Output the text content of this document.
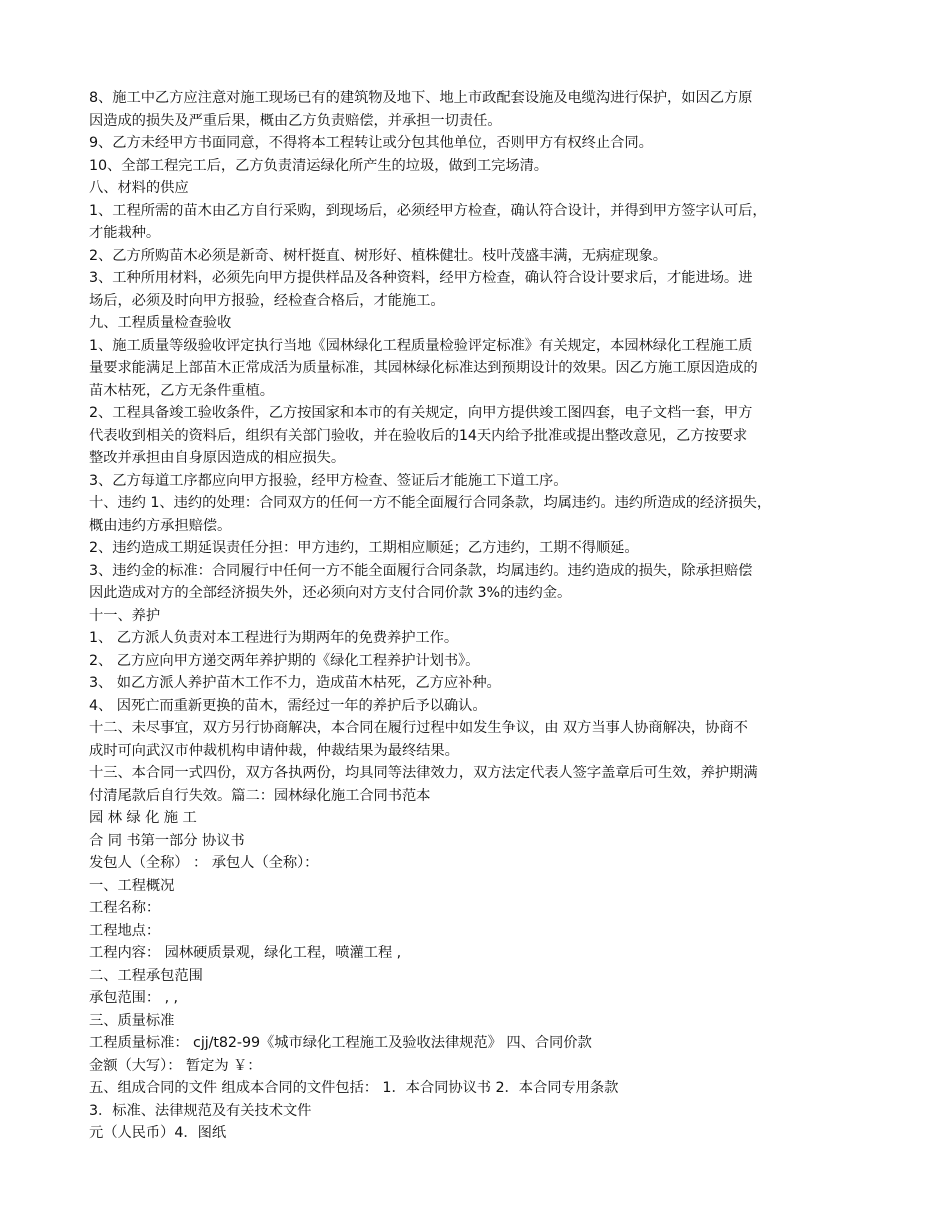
8、施工中乙方应注意对施工现场已有的建筑物及地下、地上市政配套设施及电缆沟进行保护，如因乙方原
因造成的损失及严重后果，概由乙方负责赔偿，并承担一切责任。
9、乙方未经甲方书面同意，不得将本工程转让或分包其他单位，否则甲方有权终止合同。
10、全部工程完工后，乙方负责清运绿化所产生的垃圾，做到工完场清。
八、材料的供应
1、工程所需的苗木由乙方自行采购，到现场后，必须经甲方检查，确认符合设计，并得到甲方签字认可后，
才能栽种。
2、乙方所购苗木必须是新奇、树杆挺直、树形好、植株健壮。枝叶茂盛丰满，无病症现象。
3、工种所用材料，必须先向甲方提供样品及各种资料，经甲方检查，确认符合设计要求后，才能进场。进
场后，必须及时向甲方报验，经检查合格后，才能施工。
九、工程质量检查验收
1、施工质量等级验收评定执行当地《园林绿化工程质量检验评定标准》有关规定，本园林绿化工程施工质
量要求能满足上部苗木正常成活为质量标准，其园林绿化标准达到预期设计的效果。因乙方施工原因造成的
苗木枯死，乙方无条件重植。
2、工程具备竣工验收条件，乙方按国家和本市的有关规定，向甲方提供竣工图四套，电子文档一套，甲方
代表收到相关的资料后，组织有关部门验收，并在验收后的14天内给予批准或提出整改意见，乙方按要求
整改并承担由自身原因造成的相应损失。
3、乙方每道工序都应向甲方报验，经甲方检查、签证后才能施工下道工序。
十、违约 1、违约的处理：合同双方的任何一方不能全面履行合同条款，均属违约。违约所造成的经济损失，
概由违约方承担赔偿。
2、违约造成工期延误责任分担：甲方违约，工期相应顺延；乙方违约，工期不得顺延。
3、违约金的标准：合同履行中任何一方不能全面履行合同条款，均属违约。违约造成的损失，除承担赔偿
因此造成对方的全部经济损失外，还必须向对方支付合同价款 3%的违约金。
十一、养护
1、 乙方派人负责对本工程进行为期两年的免费养护工作。
2、 乙方应向甲方递交两年养护期的《绿化工程养护计划书》。
3、 如乙方派人养护苗木工作不力，造成苗木枯死，乙方应补种。
4、 因死亡而重新更换的苗木，需经过一年的养护后予以确认。
十二、未尽事宜，双方另行协商解决，本合同在履行过程中如发生争议，由 双方当事人协商解决，协商不
成时可向武汉市仲裁机构申请仲裁，仲裁结果为最终结果。
十三、本合同一式四份，双方各执两份，均具同等法律效力，双方法定代表人签字盖章后可生效，养护期满
付清尾款后自行失效。篇二：园林绿化施工合同书范本
园 林 绿 化 施 工
合 同 书第一部分 协议书
发包人（全称） ： 承包人（全称）：
一、工程概况
工程名称：
工程地点：
工程内容： 园林硬质景观，绿化工程，喷灌工程 ,
二、工程承包范围
承包范围： , ,
三、质量标准
工程质量标准： cjj/t82-99《城市绿化工程施工及验收法律规范》 四、合同价款
金额（大写）： 暂定为 ￥：
五、组成合同的文件 组成本合同的文件包括： 1．本合同协议书 2．本合同专用条款
3．标准、法律规范及有关技术文件
元（人民币）4．图纸
